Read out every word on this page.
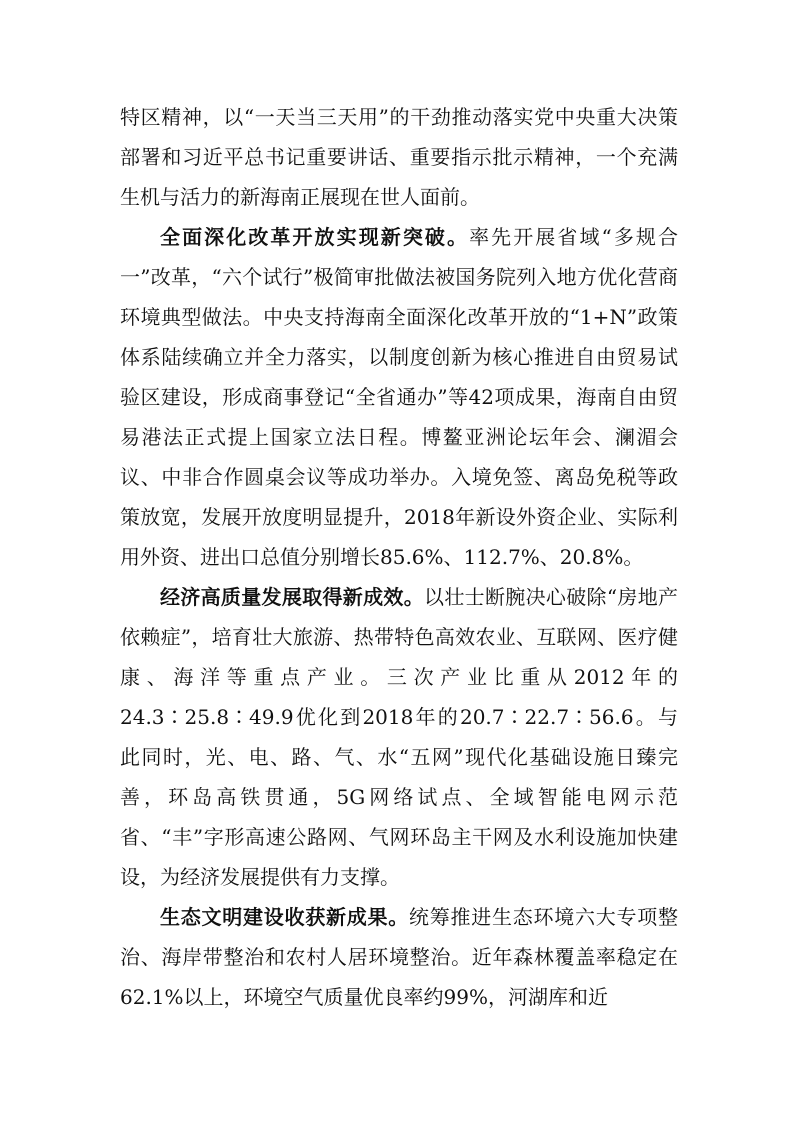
特区精神，以“一天当三天用”的干劲推动落实党中央重大决策部署和习近平总书记重要讲话、重要指示批示精神，一个充满生机与活力的新海南正展现在世人面前。

全面深化改革开放实现新突破。率先开展省域“多规合一”改革，“六个试行”极简审批做法被国务院列入地方优化营商环境典型做法。中央支持海南全面深化改革开放的“1+N”政策体系陆续确立并全力落实，以制度创新为核心推进自由贸易试验区建设，形成商事登记“全省通办”等42项成果，海南自由贸易港法正式提上国家立法日程。博鳌亚洲论坛年会、澜湄会议、中非合作圆桌会议等成功举办。入境免签、离岛免税等政策放宽，发展开放度明显提升，2018年新设外资企业、实际利用外资、进出口总值分别增长85.6%、112.7%、20.8%。

经济高质量发展取得新成效。以壮士断腕决心破除“房地产依赖症”，培育壮大旅游、热带特色高效农业、互联网、医疗健康、海洋等重点产业。三次产业比重从2012年的24.3∶25.8∶49.9优化到2018年的20.7∶22.7∶56.6。与此同时，光、电、路、气、水“五网”现代化基础设施日臻完善，环岛高铁贯通，5G网络试点、全域智能电网示范省、“丰”字形高速公路网、气网环岛主干网及水利设施加快建设，为经济发展提供有力支撑。

生态文明建设收获新成果。统筹推进生态环境六大专项整治、海岸带整治和农村人居环境整治。近年森林覆盖率稳定在62.1%以上，环境空气质量优良率约99%，河湖库和近
